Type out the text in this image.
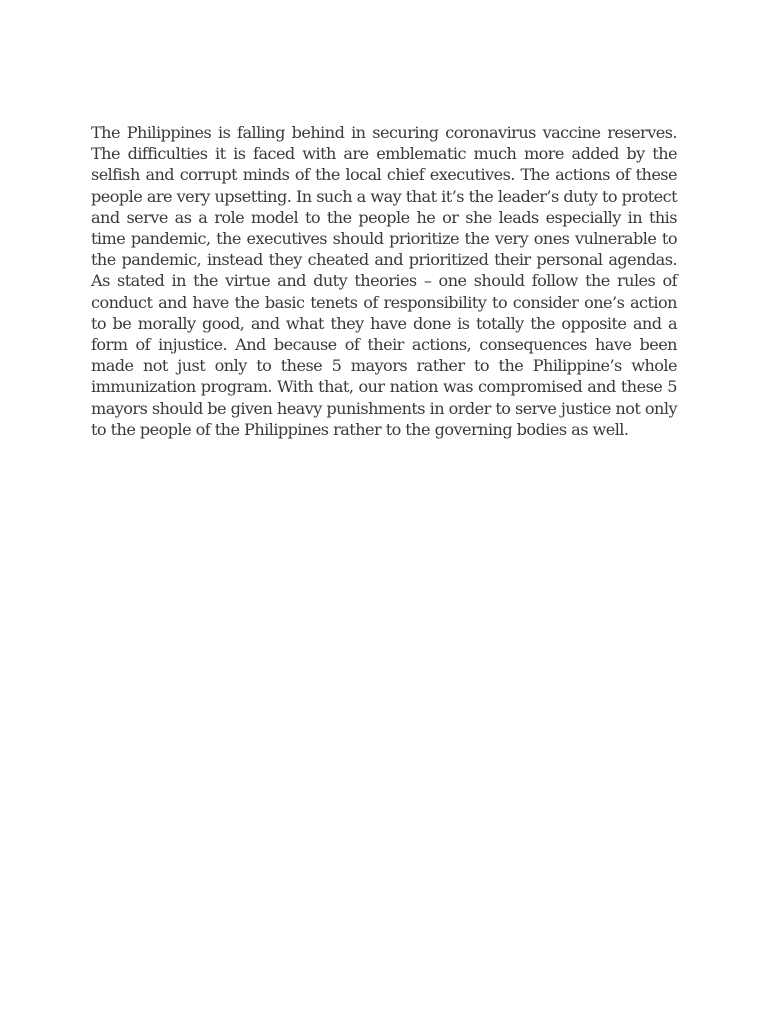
The Philippines is falling behind in securing coronavirus vaccine reserves. The difficulties it is faced with are emblematic much more added by the selfish and corrupt minds of the local chief executives. The actions of these people are very upsetting. In such a way that it’s the leader’s duty to protect and serve as a role model to the people he or she leads especially in this time pandemic, the executives should prioritize the very ones vulnerable to the pandemic, instead they cheated and prioritized their personal agendas. As stated in the virtue and duty theories – one should follow the rules of conduct and have the basic tenets of responsibility to consider one’s action to be morally good, and what they have done is totally the opposite and a form of injustice. And because of their actions, consequences have been made not just only to these 5 mayors rather to the Philippine’s whole immunization program. With that, our nation was compromised and these 5 mayors should be given heavy punishments in order to serve justice not only to the people of the Philippines rather to the governing bodies as well.
